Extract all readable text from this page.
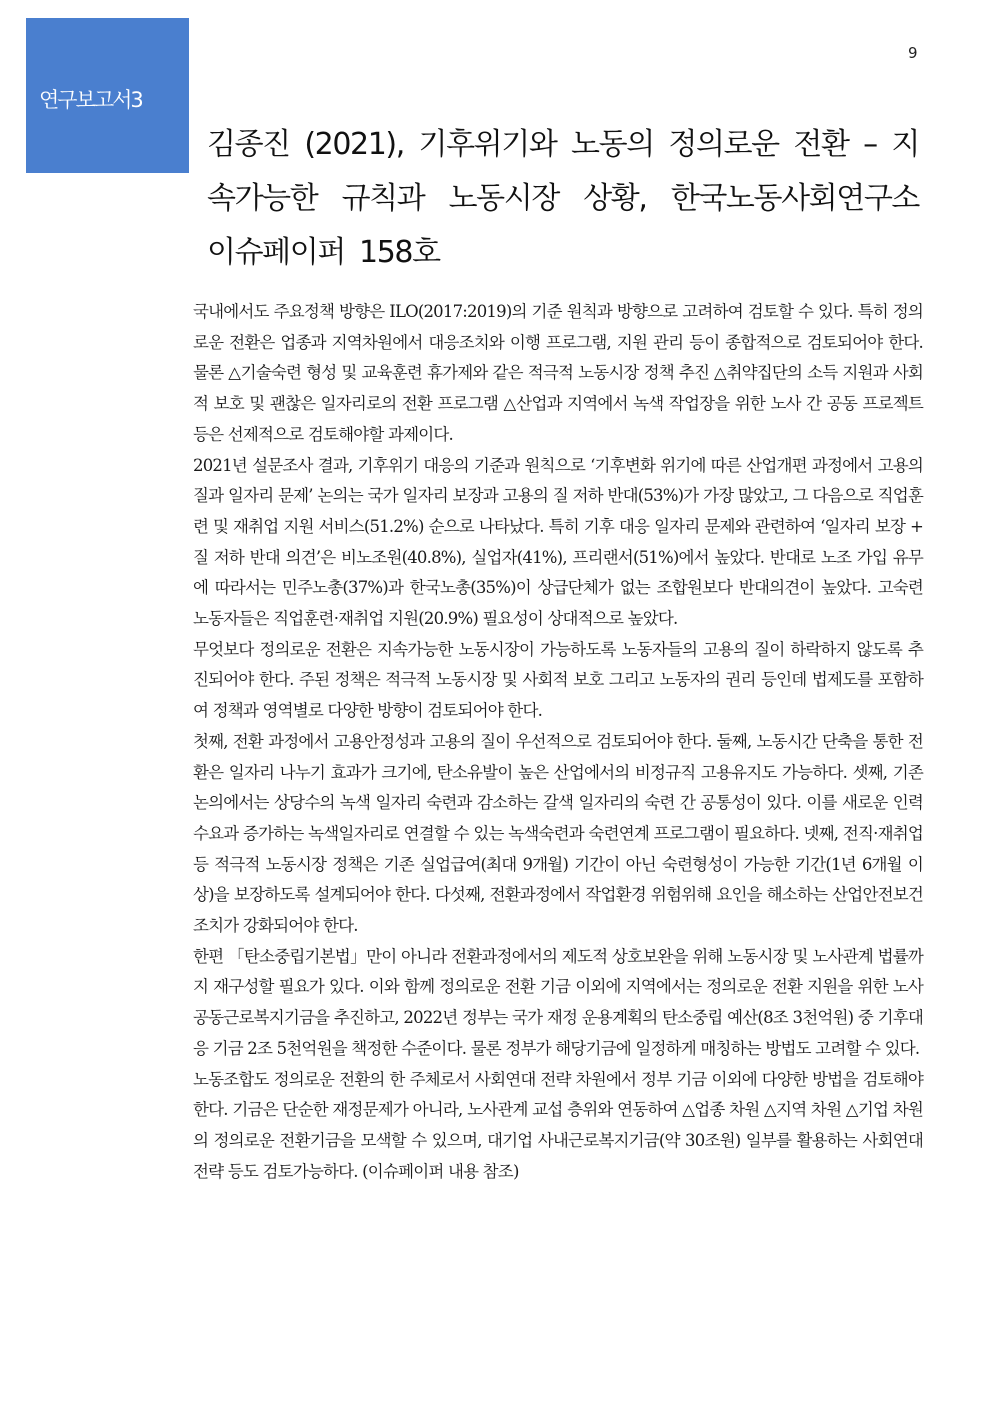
연구보고서3
9
김종진 (2021), 기후위기와 노동의 정의로운 전환 – 지속가능한 규칙과 노동시장 상황, 한국노동사회연구소 이슈페이퍼 158호

국내에서도 주요정책 방향은 ILO(2017:2019)의 기준 원칙과 방향으로 고려하여 검토할 수 있다. 특히 정의로운 전환은 업종과 지역차원에서 대응조치와 이행 프로그램, 지원 관리 등이 종합적으로 검토되어야 한다. 물론 △기술숙련 형성 및 교육훈련 휴가제와 같은 적극적 노동시장 정책 추진 △취약집단의 소득 지원과 사회적 보호 및 괜찮은 일자리로의 전환 프로그램 △산업과 지역에서 녹색 작업장을 위한 노사 간 공동 프로젝트 등은 선제적으로 검토해야할 과제이다.

2021년 설문조사 결과, 기후위기 대응의 기준과 원칙으로 ‘기후변화 위기에 따른 산업개편 과정에서 고용의 질과 일자리 문제’ 논의는 국가 일자리 보장과 고용의 질 저하 반대(53%)가 가장 많았고, 그 다음으로 직업훈련 및 재취업 지원 서비스(51.2%) 순으로 나타났다. 특히 기후 대응 일자리 문제와 관련하여 ‘일자리 보장 + 질 저하 반대 의견’은 비노조원(40.8%), 실업자(41%), 프리랜서(51%)에서 높았다. 반대로 노조 가입 유무에 따라서는 민주노총(37%)과 한국노총(35%)이 상급단체가 없는 조합원보다 반대의견이 높았다. 고숙련 노동자들은 직업훈련·재취업 지원(20.9%) 필요성이 상대적으로 높았다.

무엇보다 정의로운 전환은 지속가능한 노동시장이 가능하도록 노동자들의 고용의 질이 하락하지 않도록 추진되어야 한다. 주된 정책은 적극적 노동시장 및 사회적 보호 그리고 노동자의 권리 등인데 법제도를 포함하여 정책과 영역별로 다양한 방향이 검토되어야 한다.

첫째, 전환 과정에서 고용안정성과 고용의 질이 우선적으로 검토되어야 한다. 둘째, 노동시간 단축을 통한 전환은 일자리 나누기 효과가 크기에, 탄소유발이 높은 산업에서의 비정규직 고용유지도 가능하다. 셋째, 기존 논의에서는 상당수의 녹색 일자리 숙련과 감소하는 갈색 일자리의 숙련 간 공통성이 있다. 이를 새로운 인력수요과 증가하는 녹색일자리로 연결할 수 있는 녹색숙련과 숙련연계 프로그램이 필요하다. 넷째, 전직·재취업 등 적극적 노동시장 정책은 기존 실업급여(최대 9개월) 기간이 아닌 숙련형성이 가능한 기간(1년 6개월 이상)을 보장하도록 설계되어야 한다. 다섯째, 전환과정에서 작업환경 위험위해 요인을 해소하는 산업안전보건 조치가 강화되어야 한다.

한편 「탄소중립기본법」만이 아니라 전환과정에서의 제도적 상호보완을 위해 노동시장 및 노사관계 법률까지 재구성할 필요가 있다. 이와 함께 정의로운 전환 기금 이외에 지역에서는 정의로운 전환 지원을 위한 노사공동근로복지기금을 추진하고, 2022년 정부는 국가 재정 운용계획의 탄소중립 예산(8조 3천억원) 중 기후대응 기금 2조 5천억원을 책정한 수준이다. 물론 정부가 해당기금에 일정하게 매칭하는 방법도 고려할 수 있다.

노동조합도 정의로운 전환의 한 주체로서 사회연대 전략 차원에서 정부 기금 이외에 다양한 방법을 검토해야 한다. 기금은 단순한 재정문제가 아니라, 노사관계 교섭 층위와 연동하여 △업종 차원 △지역 차원 △기업 차원의 정의로운 전환기금을 모색할 수 있으며, 대기업 사내근로복지기금(약 30조원) 일부를 활용하는 사회연대 전략 등도 검토가능하다. (이슈페이퍼 내용 참조)
